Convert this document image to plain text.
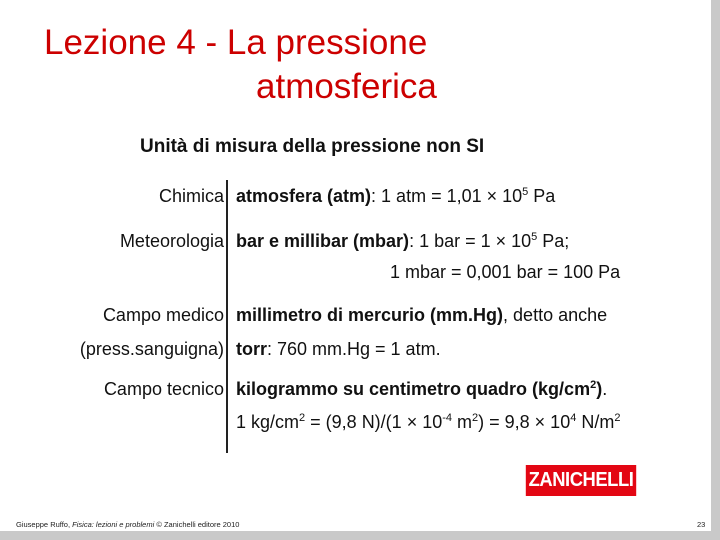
Lezione 4 - La pressione
atmosferica
Unità di misura della pressione non SI
Chimica atmosfera (atm): 1 atm = $1,01 \times 10^5$ Pa
Meteorologia bar e millibar (mbar): 1 bar = $1 \times 10^5$ Pa;
1 mbar = 0,001 bar = 100 Pa
Campo medico
(press.sanguigna)
millimetro di mercurio (mm.Hg), detto anche
torr: 760 mm.Hg = 1 atm.
Campo tecnico kilogrammo su centimetro quadro $(kg/cm^2)$.
1 $kg/cm^2 = (9,8$ $N)/(1 \times 10^{-4}$ $m^2) = 9,8 \times 10^4$ $N/m^2$
ZANICHELLI
Giuseppe Ruffo, Fisica: lezioni e problemi © Zanichelli editore 2010	23
